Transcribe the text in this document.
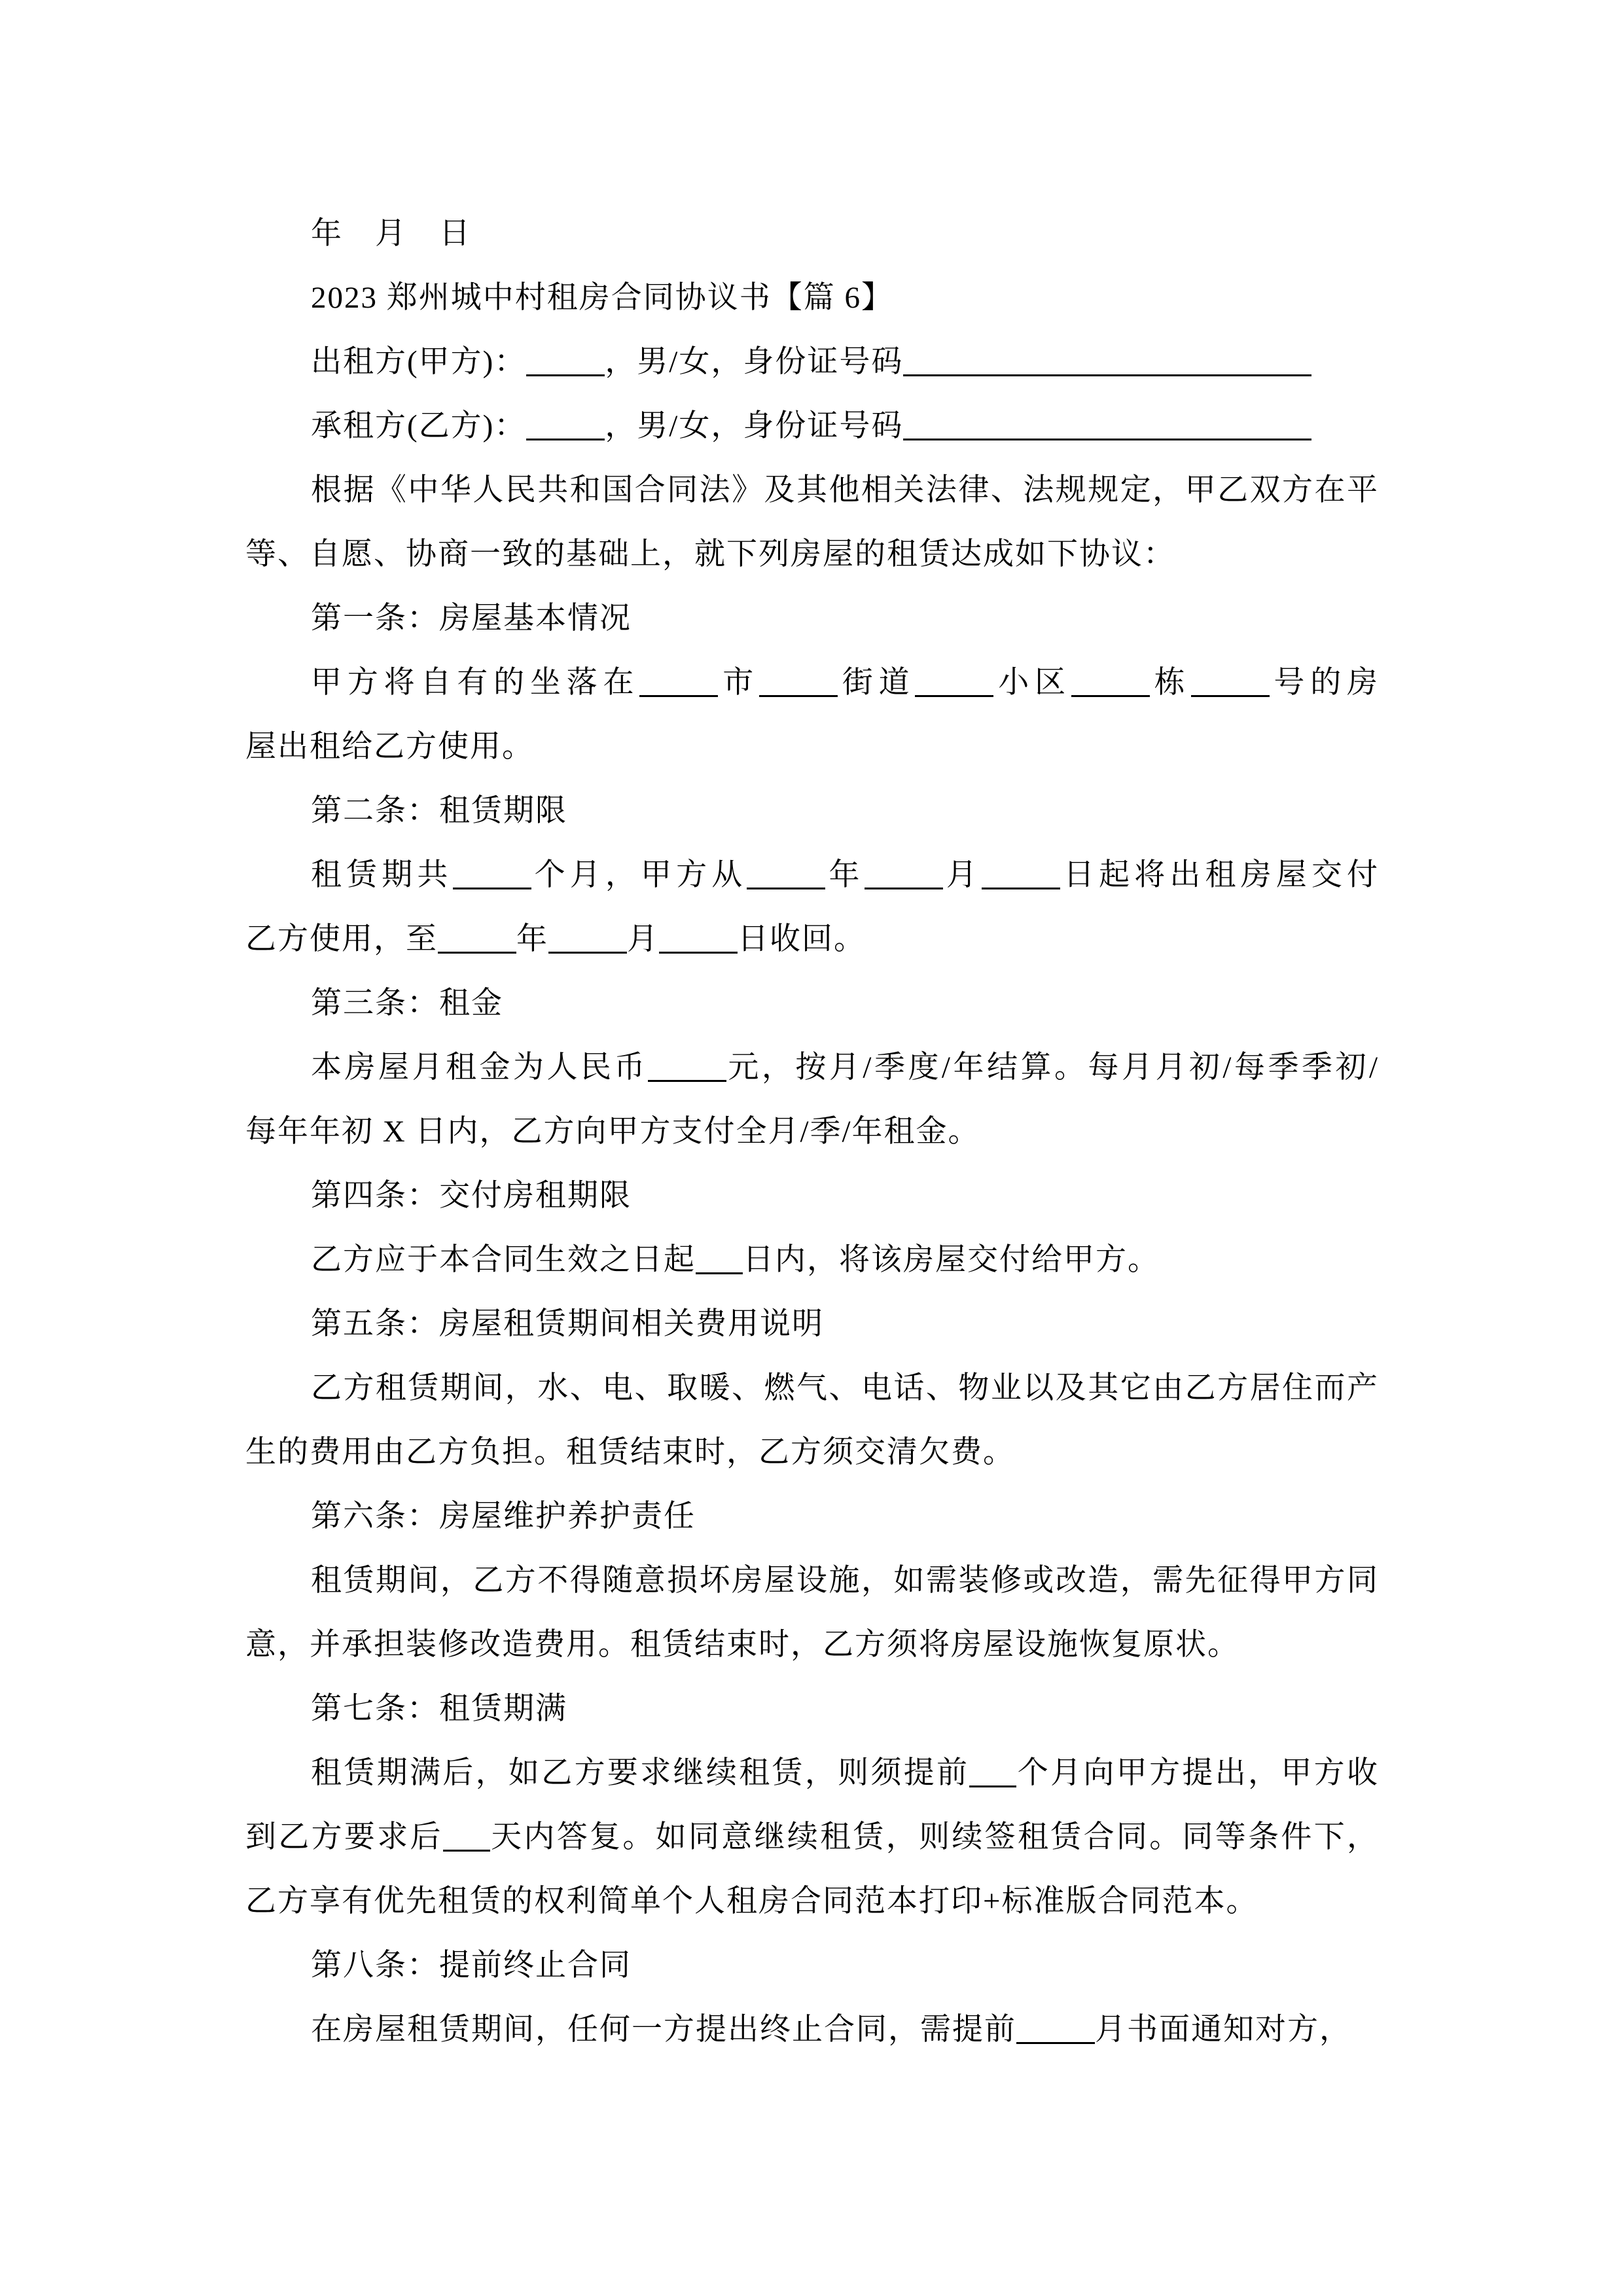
年　月　日
2023 郑州城中村租房合同协议书【篇 6】
出租方(甲方)：	，男/女，身份证号码
承租方(乙方)：	，男/女，身份证号码
根据《中华人民共和国合同法》及其他相关法律、法规规定，甲乙双方在平
等、自愿、协商一致的基础上，就下列房屋的租赁达成如下协议：
第一条：房屋基本情况
甲方将自有的坐落在	市	街道	小区	栋	号的房
屋出租给乙方使用。
第二条：租赁期限
租赁期共	个月，甲方从	年	月	日起将出租房屋交付
乙方使用，至	年	月	日收回。
第三条：租金
本房屋月租金为人民币	元，按月/季度/年结算。每月月初/每季季初/
每年年初 X 日内，乙方向甲方支付全月/季/年租金。
第四条：交付房租期限
乙方应于本合同生效之日起 日内，将该房屋交付给甲方。
第五条：房屋租赁期间相关费用说明
乙方租赁期间，水、电、取暖、燃气、电话、物业以及其它由乙方居住而产
生的费用由乙方负担。租赁结束时，乙方须交清欠费。
第六条：房屋维护养护责任
租赁期间，乙方不得随意损坏房屋设施，如需装修或改造，需先征得甲方同
意，并承担装修改造费用。租赁结束时，乙方须将房屋设施恢复原状。
第七条：租赁期满
租赁期满后，如乙方要求继续租赁，则须提前 个月向甲方提出，甲方收
到乙方要求后 天内答复。如同意继续租赁，则续签租赁合同。同等条件下，
乙方享有优先租赁的权利简单个人租房合同范本打印+标准版合同范本。
第八条：提前终止合同
在房屋租赁期间，任何一方提出终止合同，需提前	月书面通知对方，
